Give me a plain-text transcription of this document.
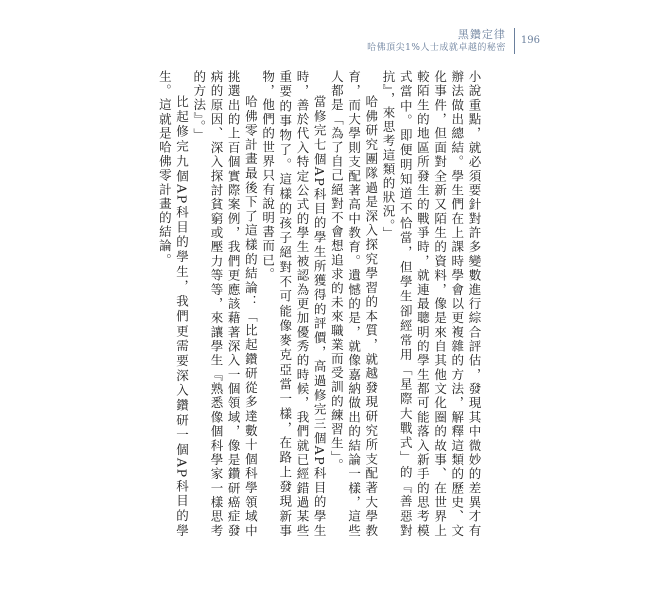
黑鑽定律
哈佛頂尖1%人士成就卓越的秘密
196

小說重點，就必須要針對許多變數進行綜合評估，發現其中微妙的差異才有辦法做出總結。學生們在上課時學會以更複雜的方法，解釋這類的歷史、文化事件，但面對全新又陌生的資料，像是來自其他文化圈的故事、在世界上較陌生的地區所發生的戰爭時，就連最聰明的學生都可能落入新手的思考模式當中。即便明知道不恰當，但學生卻經常用「星際大戰式」的『善惡對抗』，來思考這類的狀況。」

哈佛研究團隊過是深入探究學習的本質，就越發現研究所支配著大學教育，而大學則支配著高中教育。遺憾的是，就像嘉納做出的結論一樣，這些人都是「為了自己絕對不會想追求的未來職業而受訓的練習生」。

當修完七個AP科目的學生所獲得的評價，高過修完三個AP科目的學生時，善於代入特定公式的學生被認為更加優秀的時候，我們就已經錯過某些重要的事物了。這樣的孩子絕對不可能像麥克亞當一樣，在路上發現新事物，他們的世界只有說明書而已。

哈佛零計畫最後下了這樣的結論：「比起鑽研從多達數十個科學領域中挑選出的上百個實際案例，我們更應該藉著深入一個領域，像是鑽研癌症發病的原因、深入探討貧窮或壓力等等，來讓學生『熟悉像個科學家一樣思考的方法』。」

比起修完九個AP科目的學生，我們更需要深入鑽研一個AP科目的學生。這就是哈佛零計畫的結論。
